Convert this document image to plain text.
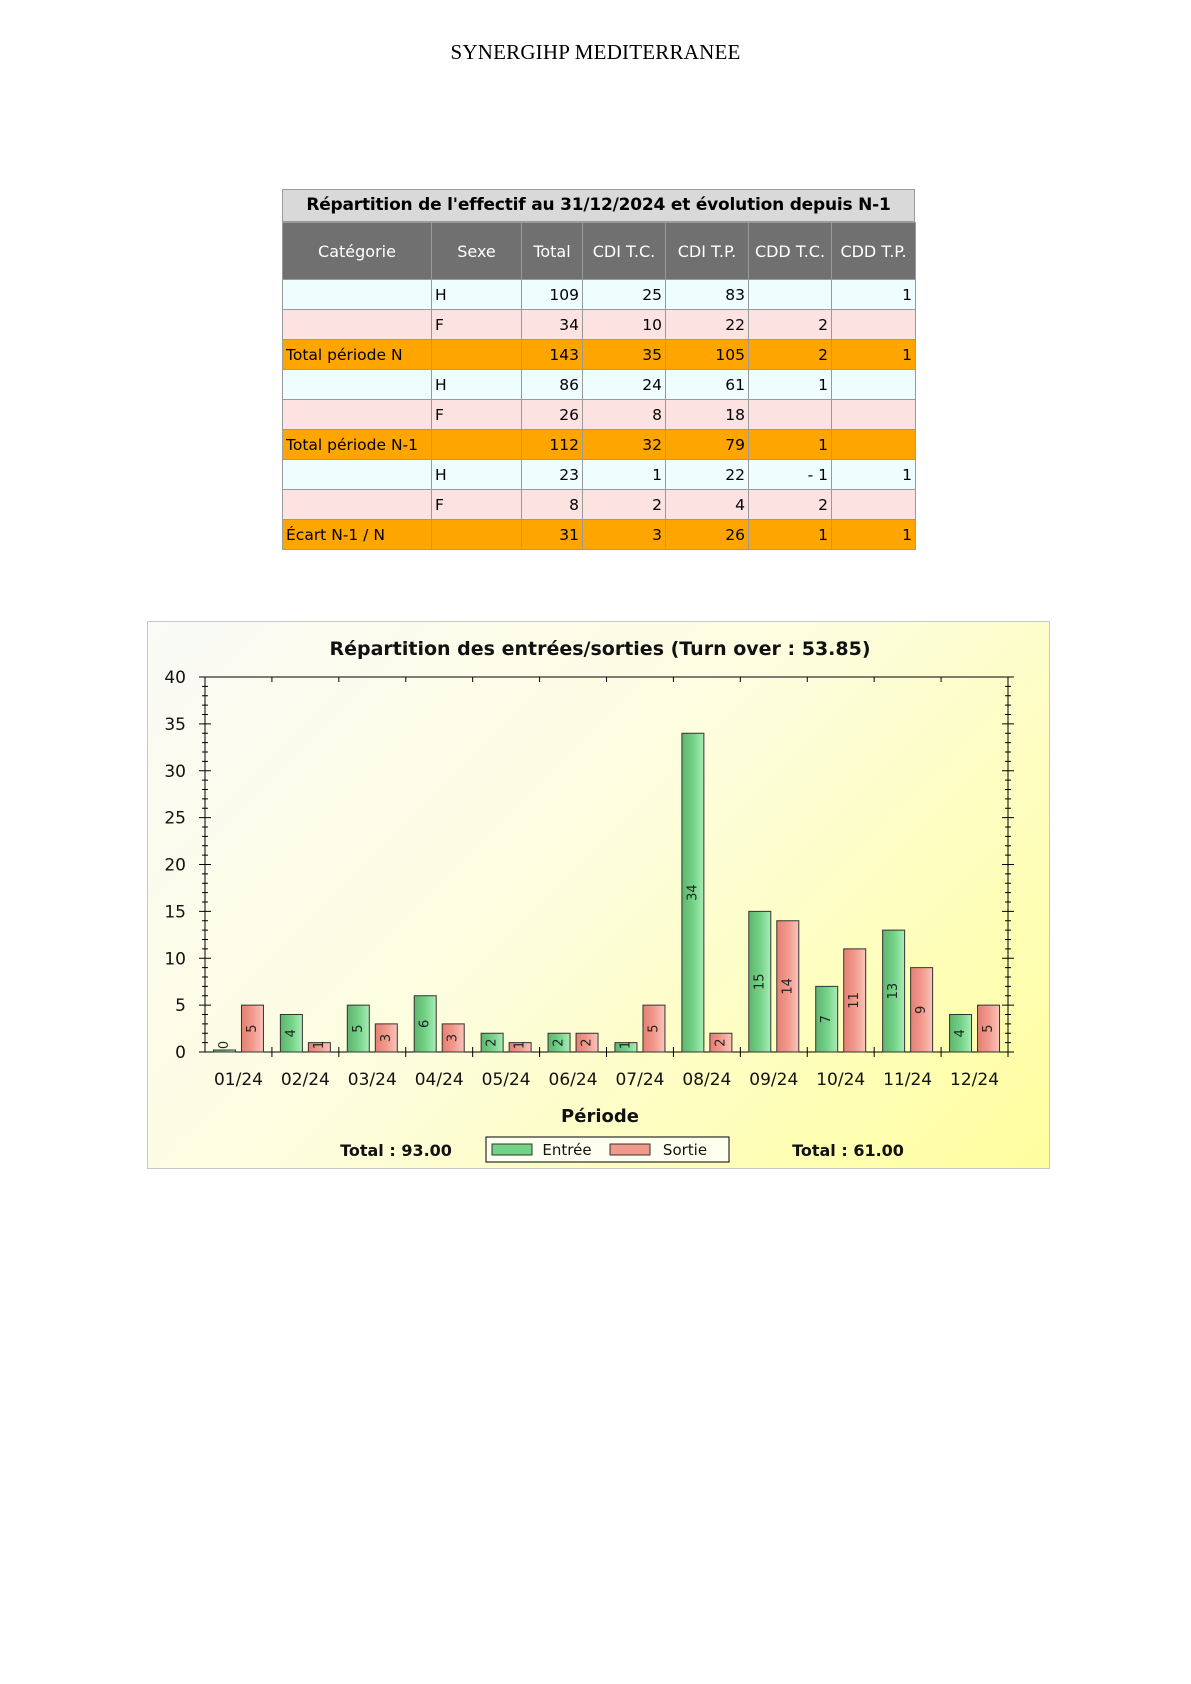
SYNERGIHP MEDITERRANEE
Répartition de l'effectif au 31/12/2024 et évolution depuis N-1
Catégorie	Sexe	Total	CDI T.C.	CDI T.P.	CDD T.C.	CDD T.P.
	H	109	25	83		1
	F	34	10	22	2	
Total période N		143	35	105	2	1
	H	86	24	61	1	
	F	26	8	18		
Total période N-1		112	32	79	1	
	H	23	1	22	- 1	1
	F	8	2	4	2	
Écart N-1 / N		31	3	26	1	1
Répartition des entrées/sorties (Turn over : 53.85)
0
5
10
15
20
25
30
35
40
01/24
0
5
02/24
4
1
03/24
5
3
04/24
6
3
05/24
2 1
06/24
2 2
07/24
1
5
08/24
34
2
09/24
15 14
10/24
7
11
11/24
13
9
12/24
4
5
Période
Total : 93.00	Total : 61.00
Entrée	Sortie
